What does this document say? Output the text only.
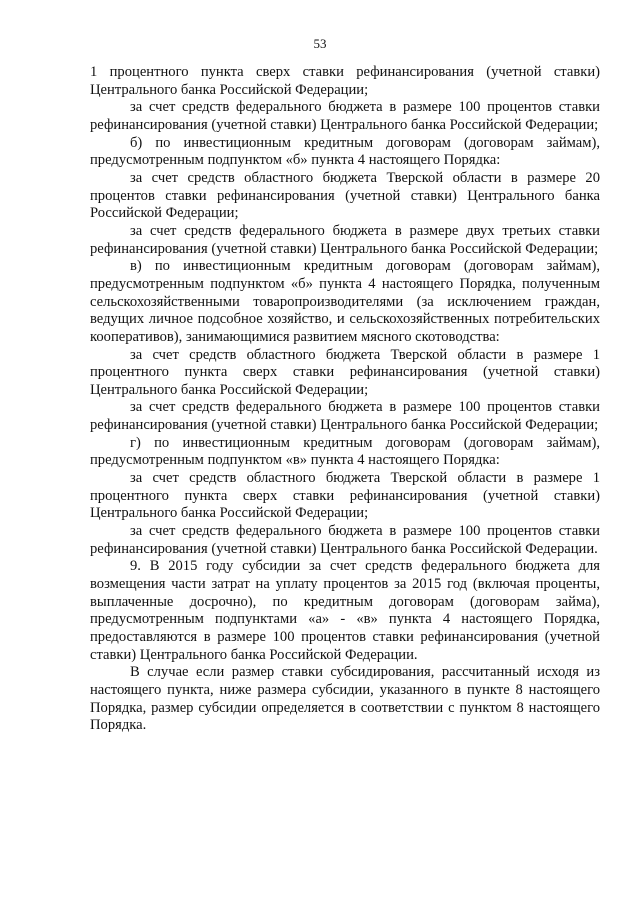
53

1 процентного пункта сверх ставки рефинансирования (учетной ставки) Центрального банка Российской Федерации;

за счет средств федерального бюджета в размере 100 процентов ставки рефинансирования (учетной ставки) Центрального банка Российской Федерации;

б) по инвестиционным кредитным договорам (договорам займам), предусмотренным подпунктом «б» пункта 4 настоящего Порядка:

за счет средств областного бюджета Тверской области в размере 20 процентов ставки рефинансирования (учетной ставки) Центрального банка Российской Федерации;

за счет средств федерального бюджета в размере двух третьих ставки рефинансирования (учетной ставки) Центрального банка Российской Федерации;

в) по инвестиционным кредитным договорам (договорам займам), предусмотренным подпунктом «б» пункта 4 настоящего Порядка, полученным сельскохозяйственными товаропроизводителями (за исключением граждан, ведущих личное подсобное хозяйство, и сельскохозяйственных потребительских кооперативов), занимающимися развитием мясного скотоводства:

за счет средств областного бюджета Тверской области в размере 1 процентного пункта сверх ставки рефинансирования (учетной ставки) Центрального банка Российской Федерации;

за счет средств федерального бюджета в размере 100 процентов ставки рефинансирования (учетной ставки) Центрального банка Российской Федерации;

г) по инвестиционным кредитным договорам (договорам займам), предусмотренным подпунктом «в» пункта 4 настоящего Порядка:

за счет средств областного бюджета Тверской области в размере 1 процентного пункта сверх ставки рефинансирования (учетной ставки) Центрального банка Российской Федерации;

за счет средств федерального бюджета в размере 100 процентов ставки рефинансирования (учетной ставки) Центрального банка Российской Федерации.

9. В 2015 году субсидии за счет средств федерального бюджета для возмещения части затрат на уплату процентов за 2015 год (включая проценты, выплаченные досрочно), по кредитным договорам (договорам займа), предусмотренным подпунктами «а» - «в» пункта 4 настоящего Порядка, предоставляются в размере 100 процентов ставки рефинансирования (учетной ставки) Центрального банка Российской Федерации.

В случае если размер ставки субсидирования, рассчитанный исходя из настоящего пункта, ниже размера субсидии, указанного в пункте 8 настоящего Порядка, размер субсидии определяется в соответствии с пунктом 8 настоящего Порядка.
